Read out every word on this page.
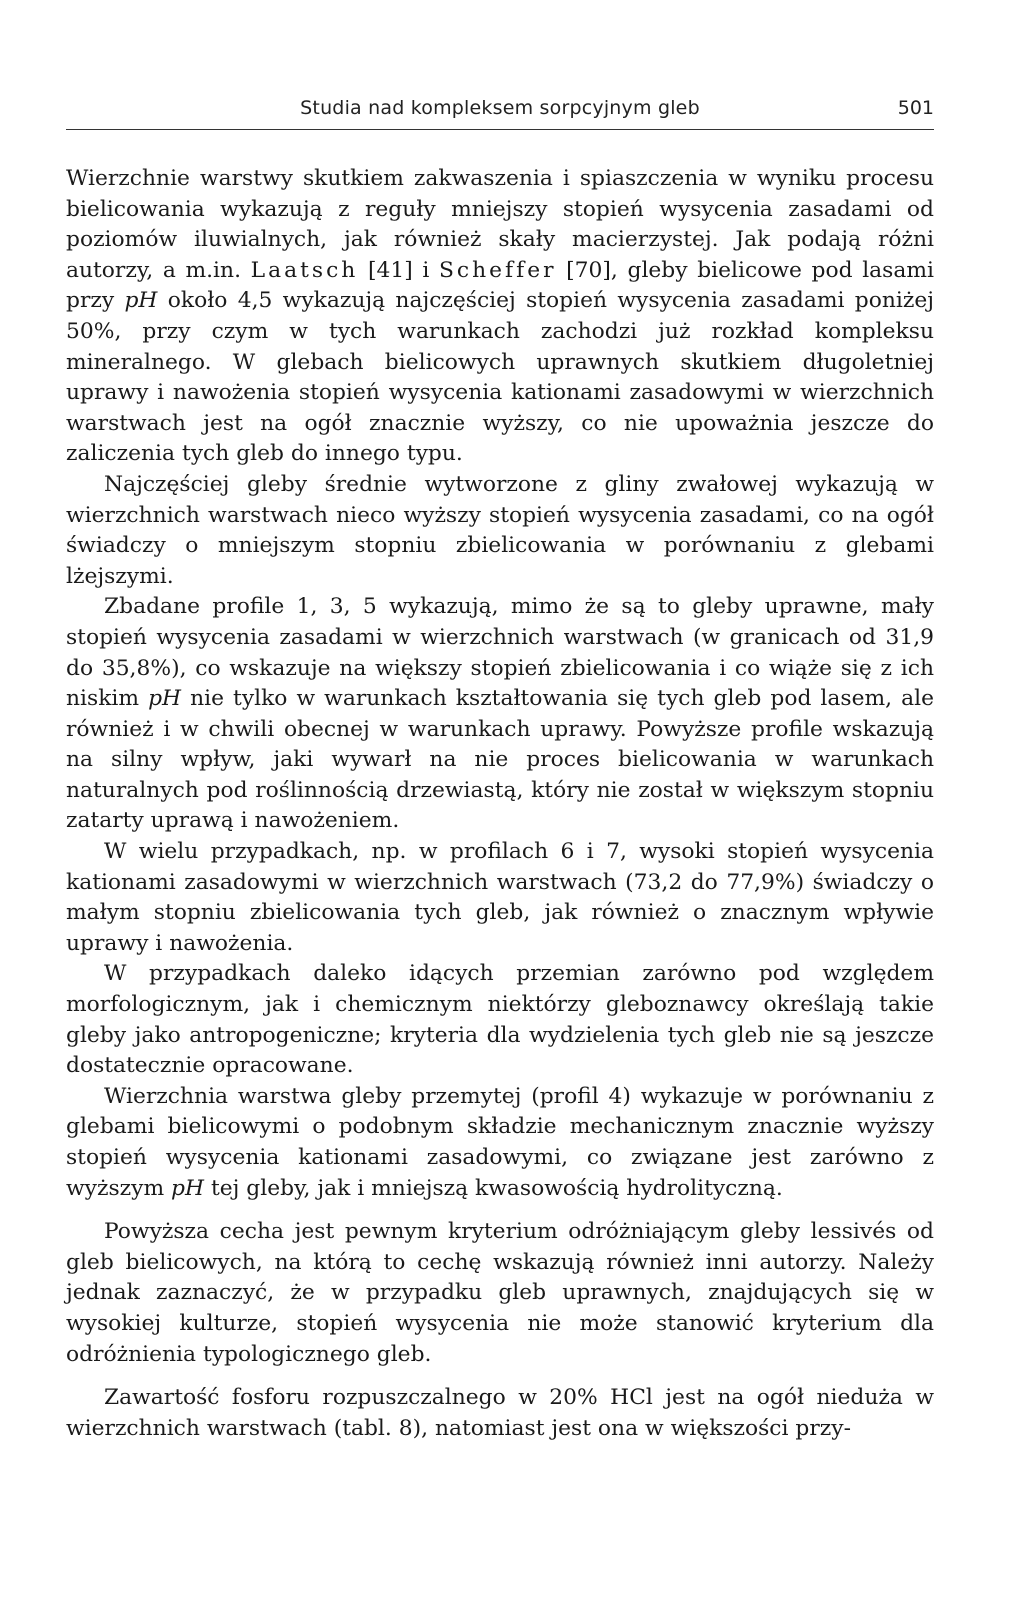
Studia nad kompleksem sorpcyjnym gleb	501

Wierzchnie warstwy skutkiem zakwaszenia i spiaszczenia w wyniku procesu bielicowania wykazują z reguły mniejszy stopień wysycenia zasadami od poziomów iluwialnych, jak również skały macierzystej. Jak podają różni autorzy, a m.in. Laatsch [41] i Scheffer [70], gleby bielicowe pod lasami przy pH około 4,5 wykazują najczęściej stopień wysycenia zasadami poniżej 50%, przy czym w tych warunkach zachodzi już rozkład kompleksu mineralnego. W glebach bielicowych uprawnych skutkiem długoletniej uprawy i nawożenia stopień wysycenia kationami zasadowymi w wierzchnich warstwach jest na ogół znacznie wyższy, co nie upoważnia jeszcze do zaliczenia tych gleb do innego typu.

Najczęściej gleby średnie wytworzone z gliny zwałowej wykazują w wierzchnich warstwach nieco wyższy stopień wysycenia zasadami, co na ogół świadczy o mniejszym stopniu zbielicowania w porównaniu z glebami lżejszymi.

Zbadane profile 1, 3, 5 wykazują, mimo że są to gleby uprawne, mały stopień wysycenia zasadami w wierzchnich warstwach (w granicach od 31,9 do 35,8%), co wskazuje na większy stopień zbielicowania i co wiąże się z ich niskim pH nie tylko w warunkach kształtowania się tych gleb pod lasem, ale również i w chwili obecnej w warunkach uprawy. Powyższe profile wskazują na silny wpływ, jaki wywarł na nie proces bielicowania w warunkach naturalnych pod roślinnością drzewiastą, który nie został w większym stopniu zatarty uprawą i nawożeniem.

W wielu przypadkach, np. w profilach 6 i 7, wysoki stopień wysycenia kationami zasadowymi w wierzchnich warstwach (73,2 do 77,9%) świadczy o małym stopniu zbielicowania tych gleb, jak również o znacznym wpływie uprawy i nawożenia.

W przypadkach daleko idących przemian zarówno pod względem morfologicznym, jak i chemicznym niektórzy gleboznawcy określają takie gleby jako antropogeniczne; kryteria dla wydzielenia tych gleb nie są jeszcze dostatecznie opracowane.

Wierzchnia warstwa gleby przemytej (profil 4) wykazuje w porównaniu z glebami bielicowymi o podobnym składzie mechanicznym znacznie wyższy stopień wysycenia kationami zasadowymi, co związane jest zarówno z wyższym pH tej gleby, jak i mniejszą kwasowością hydrolityczną.

Powyższa cecha jest pewnym kryterium odróżniającym gleby lessivés od gleb bielicowych, na którą to cechę wskazują również inni autorzy. Należy jednak zaznaczyć, że w przypadku gleb uprawnych, znajdujących się w wysokiej kulturze, stopień wysycenia nie może stanowić kryterium dla odróżnienia typologicznego gleb.

Zawartość fosforu rozpuszczalnego w 20% HCl jest na ogół nieduża w wierzchnich warstwach (tabl. 8), natomiast jest ona w większości przy-
